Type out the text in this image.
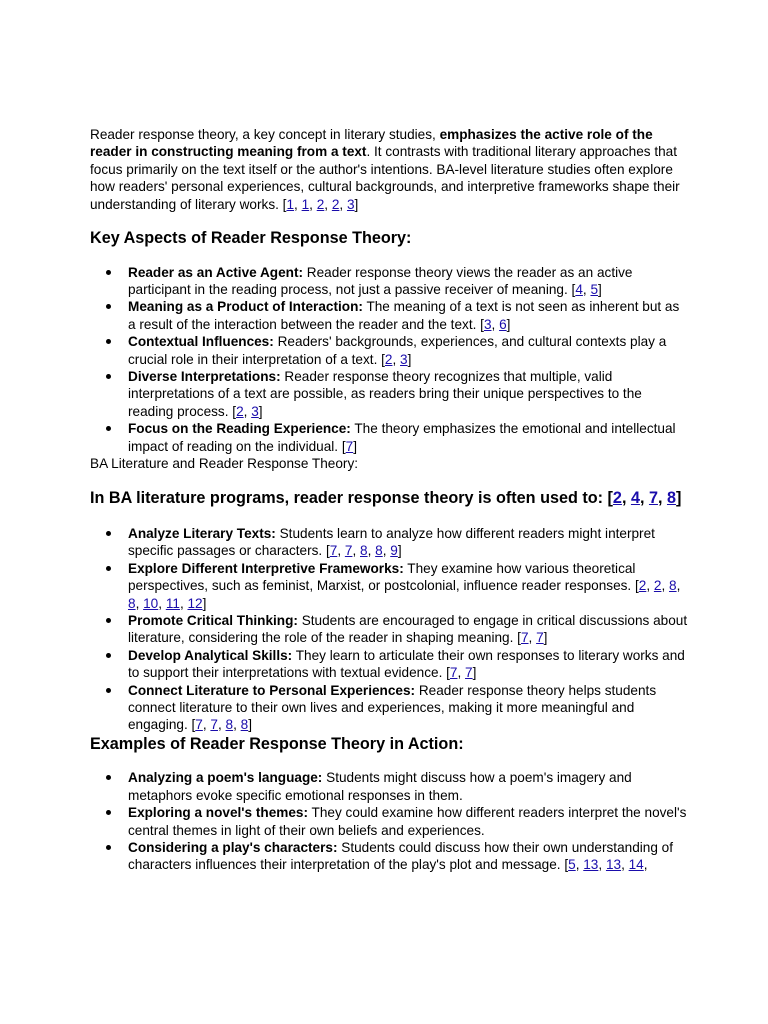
Reader response theory, a key concept in literary studies, emphasizes the active role of the reader in constructing meaning from a text. It contrasts with traditional literary approaches that focus primarily on the text itself or the author's intentions. BA-level literature studies often explore how readers' personal experiences, cultural backgrounds, and interpretive frameworks shape their understanding of literary works. [1, 1, 2, 2, 3]

Key Aspects of Reader Response Theory:
Reader as an Active Agent: Reader response theory views the reader as an active participant in the reading process, not just a passive receiver of meaning. [4, 5]
Meaning as a Product of Interaction: The meaning of a text is not seen as inherent but as a result of the interaction between the reader and the text. [3, 6]
Contextual Influences: Readers' backgrounds, experiences, and cultural contexts play a crucial role in their interpretation of a text. [2, 3]
Diverse Interpretations: Reader response theory recognizes that multiple, valid interpretations of a text are possible, as readers bring their unique perspectives to the reading process. [2, 3]
Focus on the Reading Experience: The theory emphasizes the emotional and intellectual impact of reading on the individual. [7]

BA Literature and Reader Response Theory:

In BA literature programs, reader response theory is often used to: [2, 4, 7, 8]
Analyze Literary Texts: Students learn to analyze how different readers might interpret specific passages or characters. [7, 7, 8, 8, 9]
Explore Different Interpretive Frameworks: They examine how various theoretical perspectives, such as feminist, Marxist, or postcolonial, influence reader responses. [2, 2, 8, 8, 10, 11, 12]
Promote Critical Thinking: Students are encouraged to engage in critical discussions about literature, considering the role of the reader in shaping meaning. [7, 7]
Develop Analytical Skills: They learn to articulate their own responses to literary works and to support their interpretations with textual evidence. [7, 7]
Connect Literature to Personal Experiences: Reader response theory helps students connect literature to their own lives and experiences, making it more meaningful and engaging. [7, 7, 8, 8]
Examples of Reader Response Theory in Action:
Analyzing a poem's language: Students might discuss how a poem's imagery and metaphors evoke specific emotional responses in them.
Exploring a novel's themes: They could examine how different readers interpret the novel's central themes in light of their own beliefs and experiences.
Considering a play's characters: Students could discuss how their own understanding of characters influences their interpretation of the play's plot and message. [5, 13, 13, 14,
